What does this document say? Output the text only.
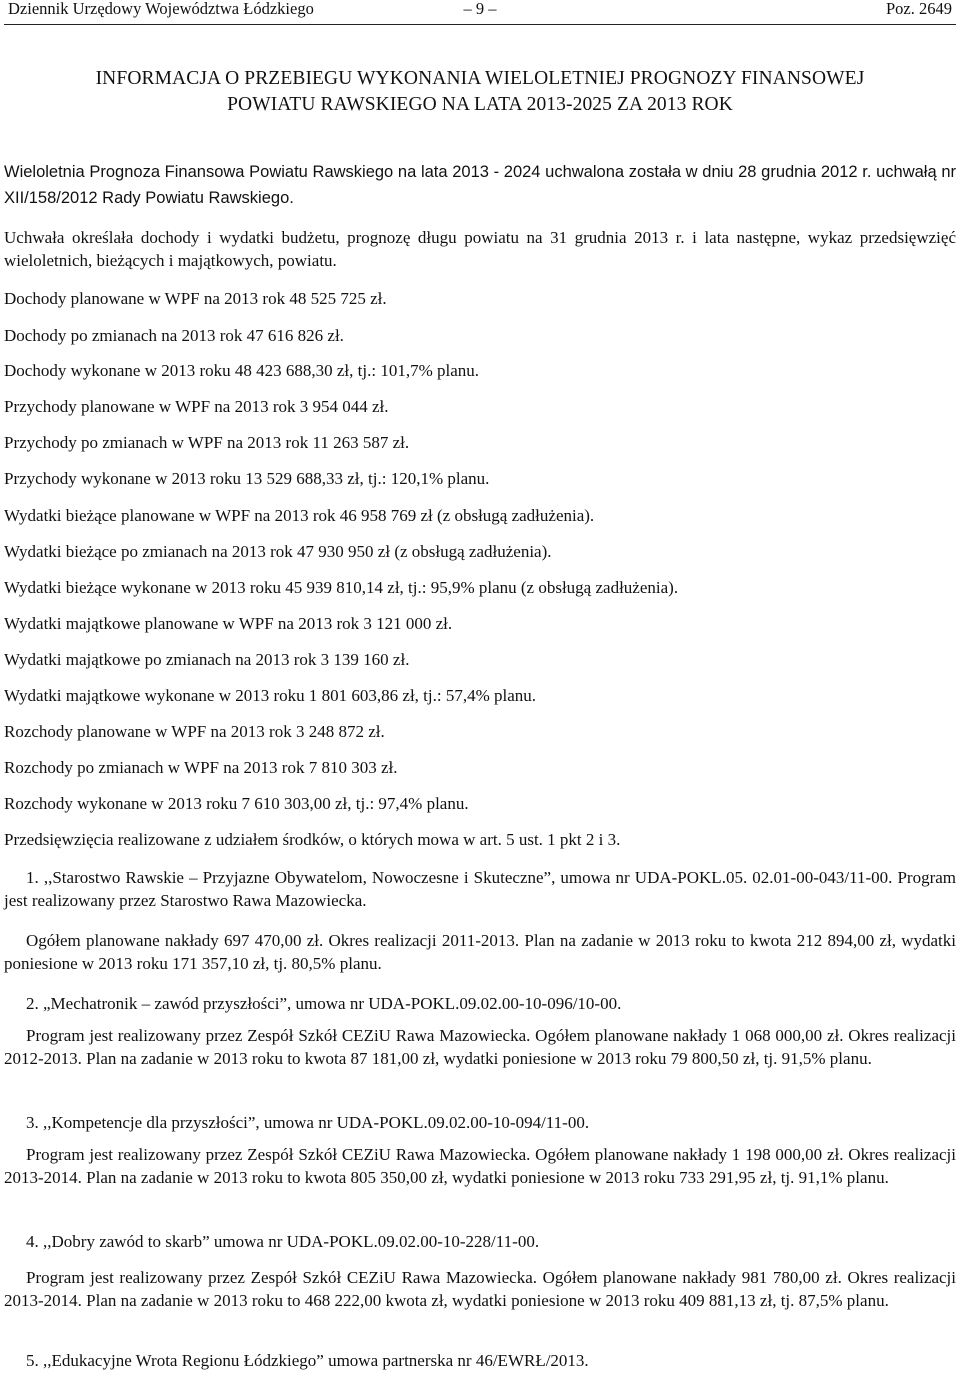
Dziennik Urzędowy Województwa Łódzkiego	– 9 –	Poz. 2649
INFORMACJA O PRZEBIEGU WYKONANIA WIELOLETNIEJ PROGNOZY FINANSOWEJ
POWIATU RAWSKIEGO NA LATA 2013-2025 ZA 2013 ROK

Wieloletnia Prognoza Finansowa Powiatu Rawskiego na lata 2013 - 2024 uchwalona została w dniu 28 grudnia 2012 r. uchwałą nr XII/158/2012 Rady Powiatu Rawskiego.

Uchwała określała dochody i wydatki budżetu, prognozę długu powiatu na 31 grudnia 2013 r. i lata następne, wykaz przedsięwzięć wieloletnich, bieżących i majątkowych, powiatu.

Dochody planowane w WPF na 2013 rok 48 525 725 zł.

Dochody po zmianach na 2013 rok 47 616 826 zł.

Dochody wykonane w 2013 roku 48 423 688,30 zł, tj.: 101,7% planu.

Przychody planowane w WPF na 2013 rok 3 954 044 zł.

Przychody po zmianach w WPF na 2013 rok 11 263 587 zł.

Przychody wykonane w 2013 roku 13 529 688,33 zł, tj.: 120,1% planu.

Wydatki bieżące planowane w WPF na 2013 rok 46 958 769 zł (z obsługą zadłużenia).

Wydatki bieżące po zmianach na 2013 rok 47 930 950 zł (z obsługą zadłużenia).

Wydatki bieżące wykonane w 2013 roku 45 939 810,14 zł, tj.: 95,9% planu (z obsługą zadłużenia).

Wydatki majątkowe planowane w WPF na 2013 rok 3 121 000 zł.

Wydatki majątkowe po zmianach na 2013 rok 3 139 160 zł.

Wydatki majątkowe wykonane w 2013 roku 1 801 603,86 zł, tj.: 57,4% planu.

Rozchody planowane w WPF na 2013 rok 3 248 872 zł.

Rozchody po zmianach w WPF na 2013 rok 7 810 303 zł.

Rozchody wykonane w 2013 roku 7 610 303,00 zł, tj.: 97,4% planu.

Przedsięwzięcia realizowane z udziałem środków, o których mowa w art. 5 ust. 1 pkt 2 i 3.

1. ,,Starostwo Rawskie – Przyjazne Obywatelom, Nowoczesne i Skuteczne”, umowa nr UDA-POKL.05. 02.01-00-043/11-00. Program jest realizowany przez Starostwo Rawa Mazowiecka.

Ogółem planowane nakłady 697 470,00 zł. Okres realizacji 2011-2013. Plan na zadanie w 2013 roku to kwota 212 894,00 zł, wydatki poniesione w 2013 roku 171 357,10 zł, tj. 80,5% planu.

2. „Mechatronik – zawód przyszłości”, umowa nr UDA-POKL.09.02.00-10-096/10-00.

Program jest realizowany przez Zespół Szkół CEZiU Rawa Mazowiecka. Ogółem planowane nakłady 1 068 000,00 zł. Okres realizacji 2012-2013. Plan na zadanie w 2013 roku to kwota 87 181,00 zł, wydatki poniesione w 2013 roku 79 800,50 zł, tj. 91,5% planu.

3. ,,Kompetencje dla przyszłości”, umowa nr UDA-POKL.09.02.00-10-094/11-00.

Program jest realizowany przez Zespół Szkół CEZiU Rawa Mazowiecka. Ogółem planowane nakłady 1 198 000,00 zł. Okres realizacji 2013-2014. Plan na zadanie w 2013 roku to kwota 805 350,00 zł, wydatki poniesione w 2013 roku 733 291,95 zł, tj. 91,1% planu.

4. ,,Dobry zawód to skarb” umowa nr UDA-POKL.09.02.00-10-228/11-00.

Program jest realizowany przez Zespół Szkół CEZiU Rawa Mazowiecka. Ogółem planowane nakłady 981 780,00 zł. Okres realizacji 2013-2014. Plan na zadanie w 2013 roku to 468 222,00 kwota zł, wydatki poniesione w 2013 roku 409 881,13 zł, tj. 87,5% planu.

5. ,,Edukacyjne Wrota Regionu Łódzkiego” umowa partnerska nr 46/EWRŁ/2013.
